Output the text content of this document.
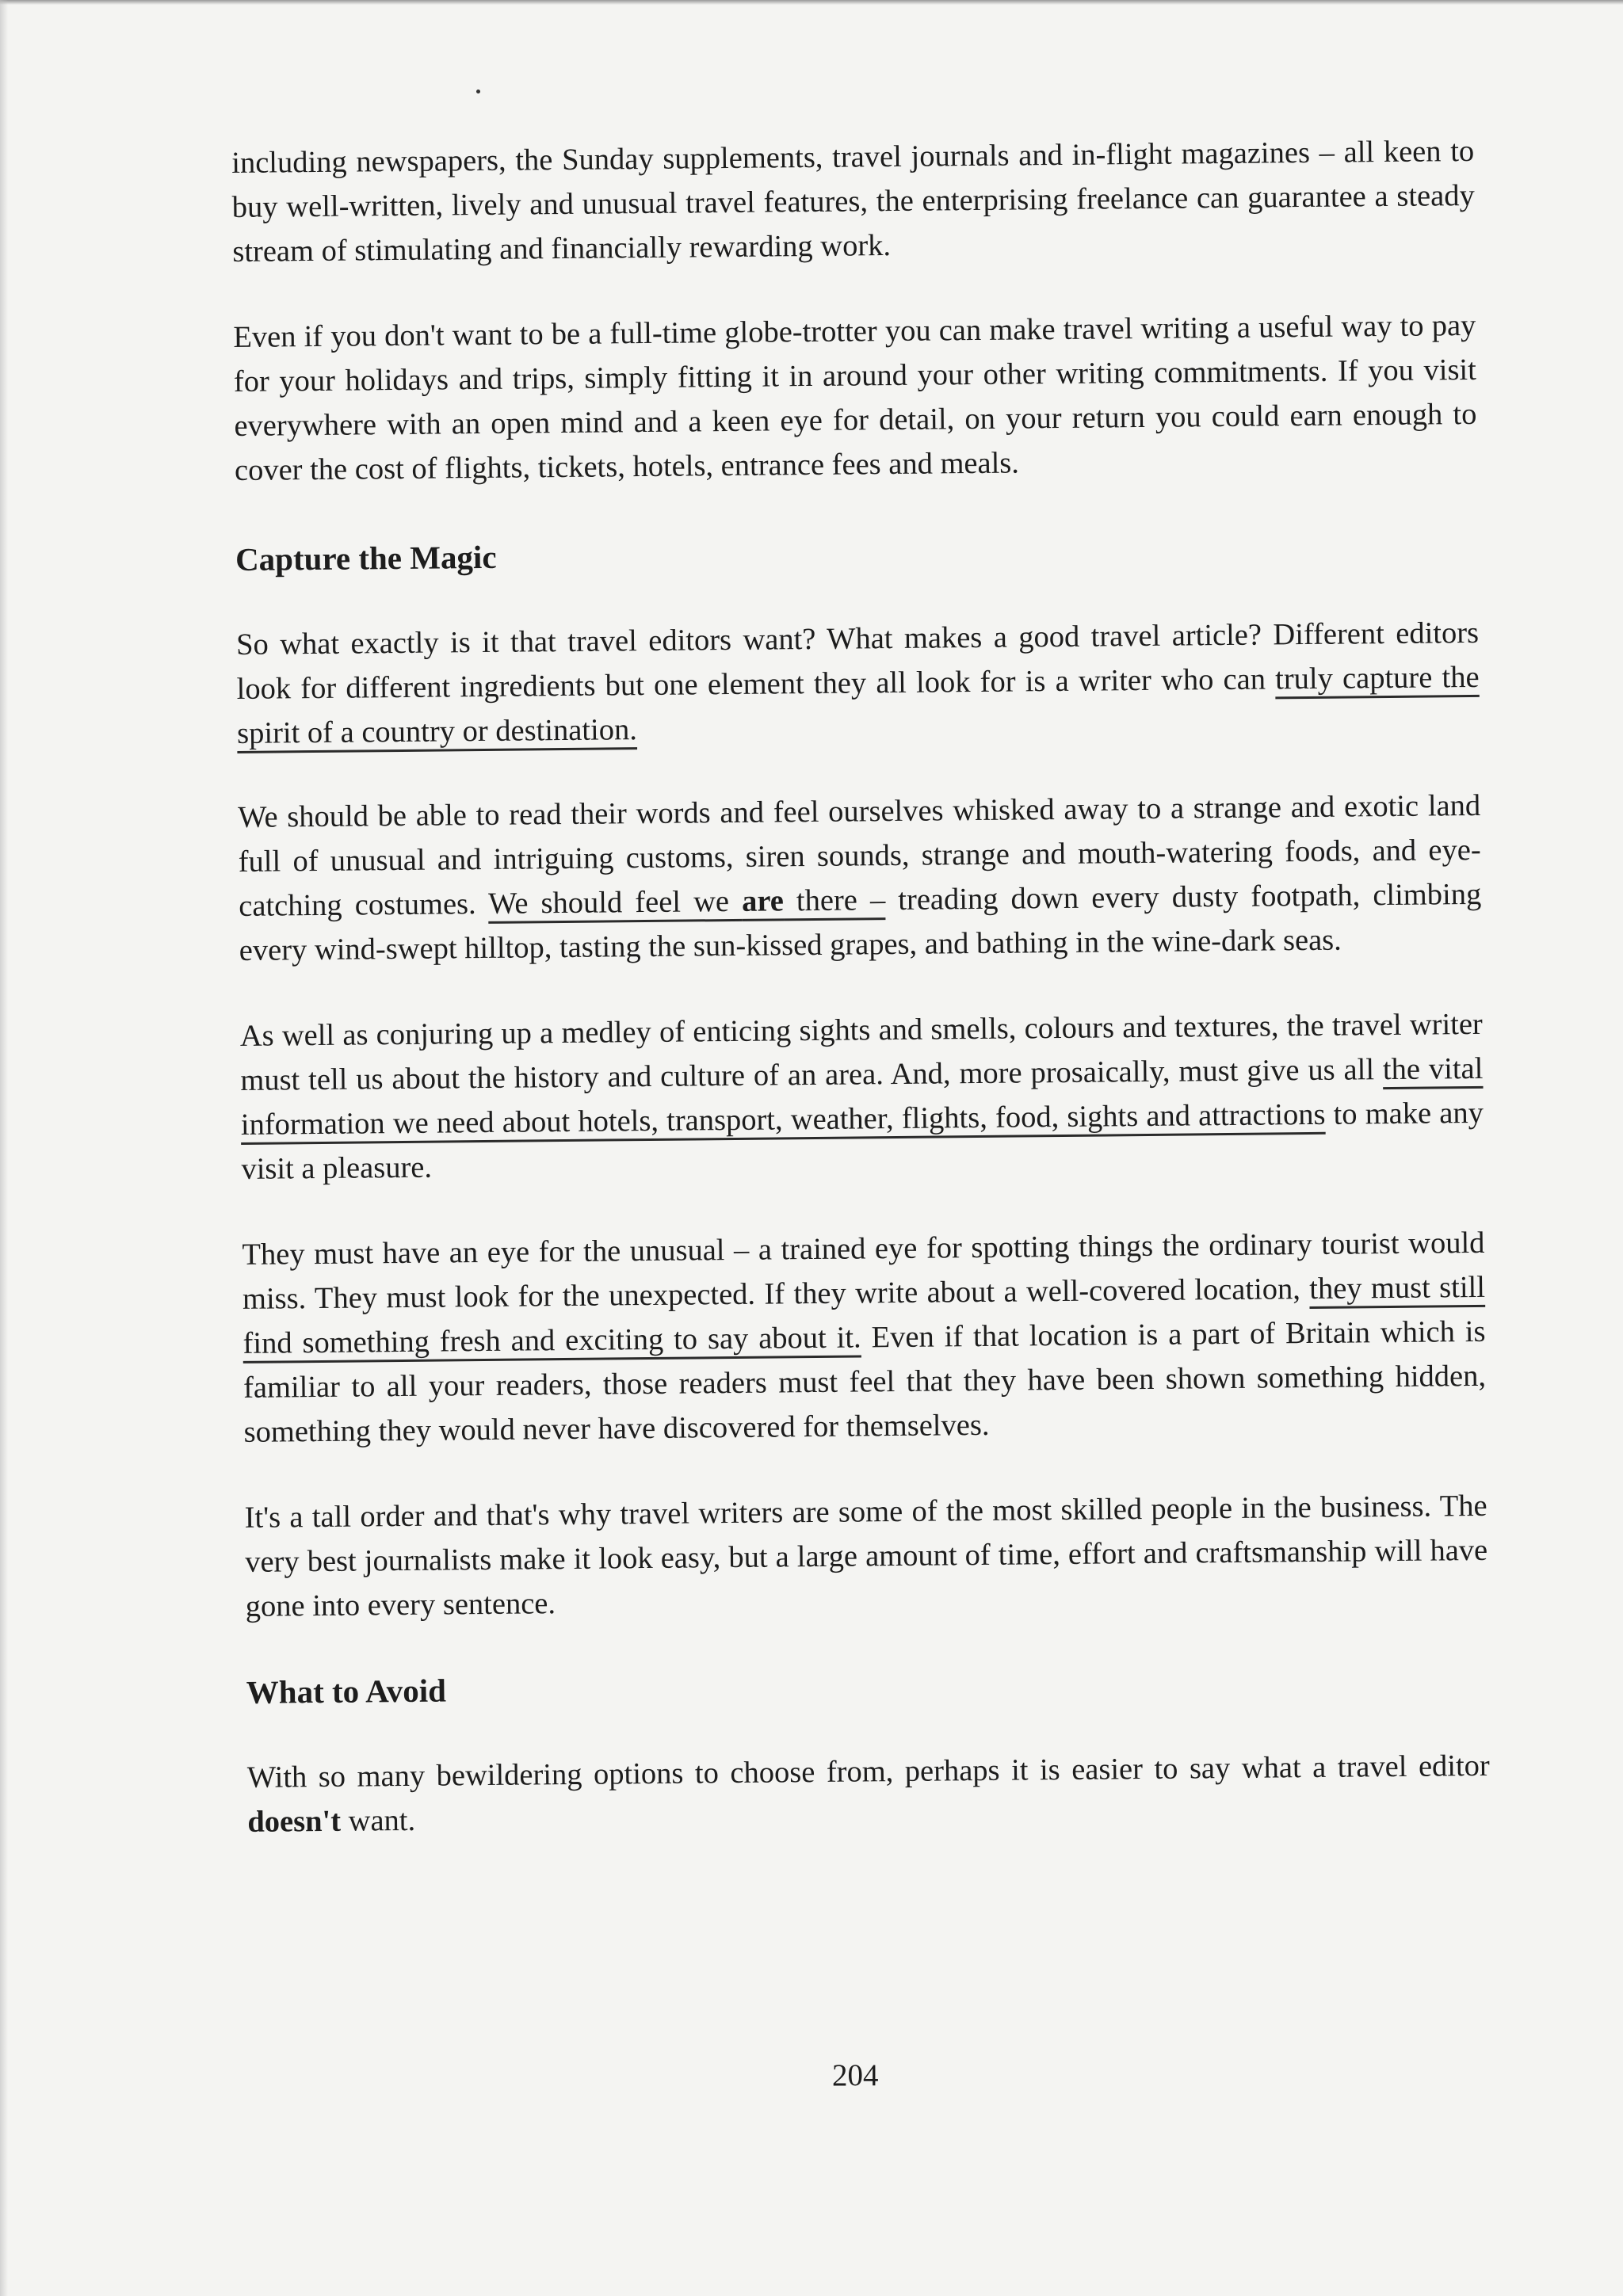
including newspapers, the Sunday supplements, travel journals and in-flight magazines – all keen to buy well-written, lively and unusual travel features, the enterprising freelance can guarantee a steady stream of stimulating and financially rewarding work.

Even if you don't want to be a full-time globe-trotter you can make travel writing a useful way to pay for your holidays and trips, simply fitting it in around your other writing commitments. If you visit everywhere with an open mind and a keen eye for detail, on your return you could earn enough to cover the cost of flights, tickets, hotels, entrance fees and meals.

Capture the Magic

So what exactly is it that travel editors want? What makes a good travel article? Different editors look for different ingredients but one element they all look for is a writer who can truly capture the spirit of a country or destination.

We should be able to read their words and feel ourselves whisked away to a strange and exotic land full of unusual and intriguing customs, siren sounds, strange and mouth-watering foods, and eye-catching costumes. We should feel we are there – treading down every dusty footpath, climbing every wind-swept hilltop, tasting the sun-kissed grapes, and bathing in the wine-dark seas.

As well as conjuring up a medley of enticing sights and smells, colours and textures, the travel writer must tell us about the history and culture of an area. And, more prosaically, must give us all the vital information we need about hotels, transport, weather, flights, food, sights and attractions to make any visit a pleasure.

They must have an eye for the unusual – a trained eye for spotting things the ordinary tourist would miss. They must look for the unexpected. If they write about a well-covered location, they must still find something fresh and exciting to say about it. Even if that location is a part of Britain which is familiar to all your readers, those readers must feel that they have been shown something hidden, something they would never have discovered for themselves.

It's a tall order and that's why travel writers are some of the most skilled people in the business. The very best journalists make it look easy, but a large amount of time, effort and craftsmanship will have gone into every sentence.

What to Avoid

With so many bewildering options to choose from, perhaps it is easier to say what a travel editor doesn't want.

204
